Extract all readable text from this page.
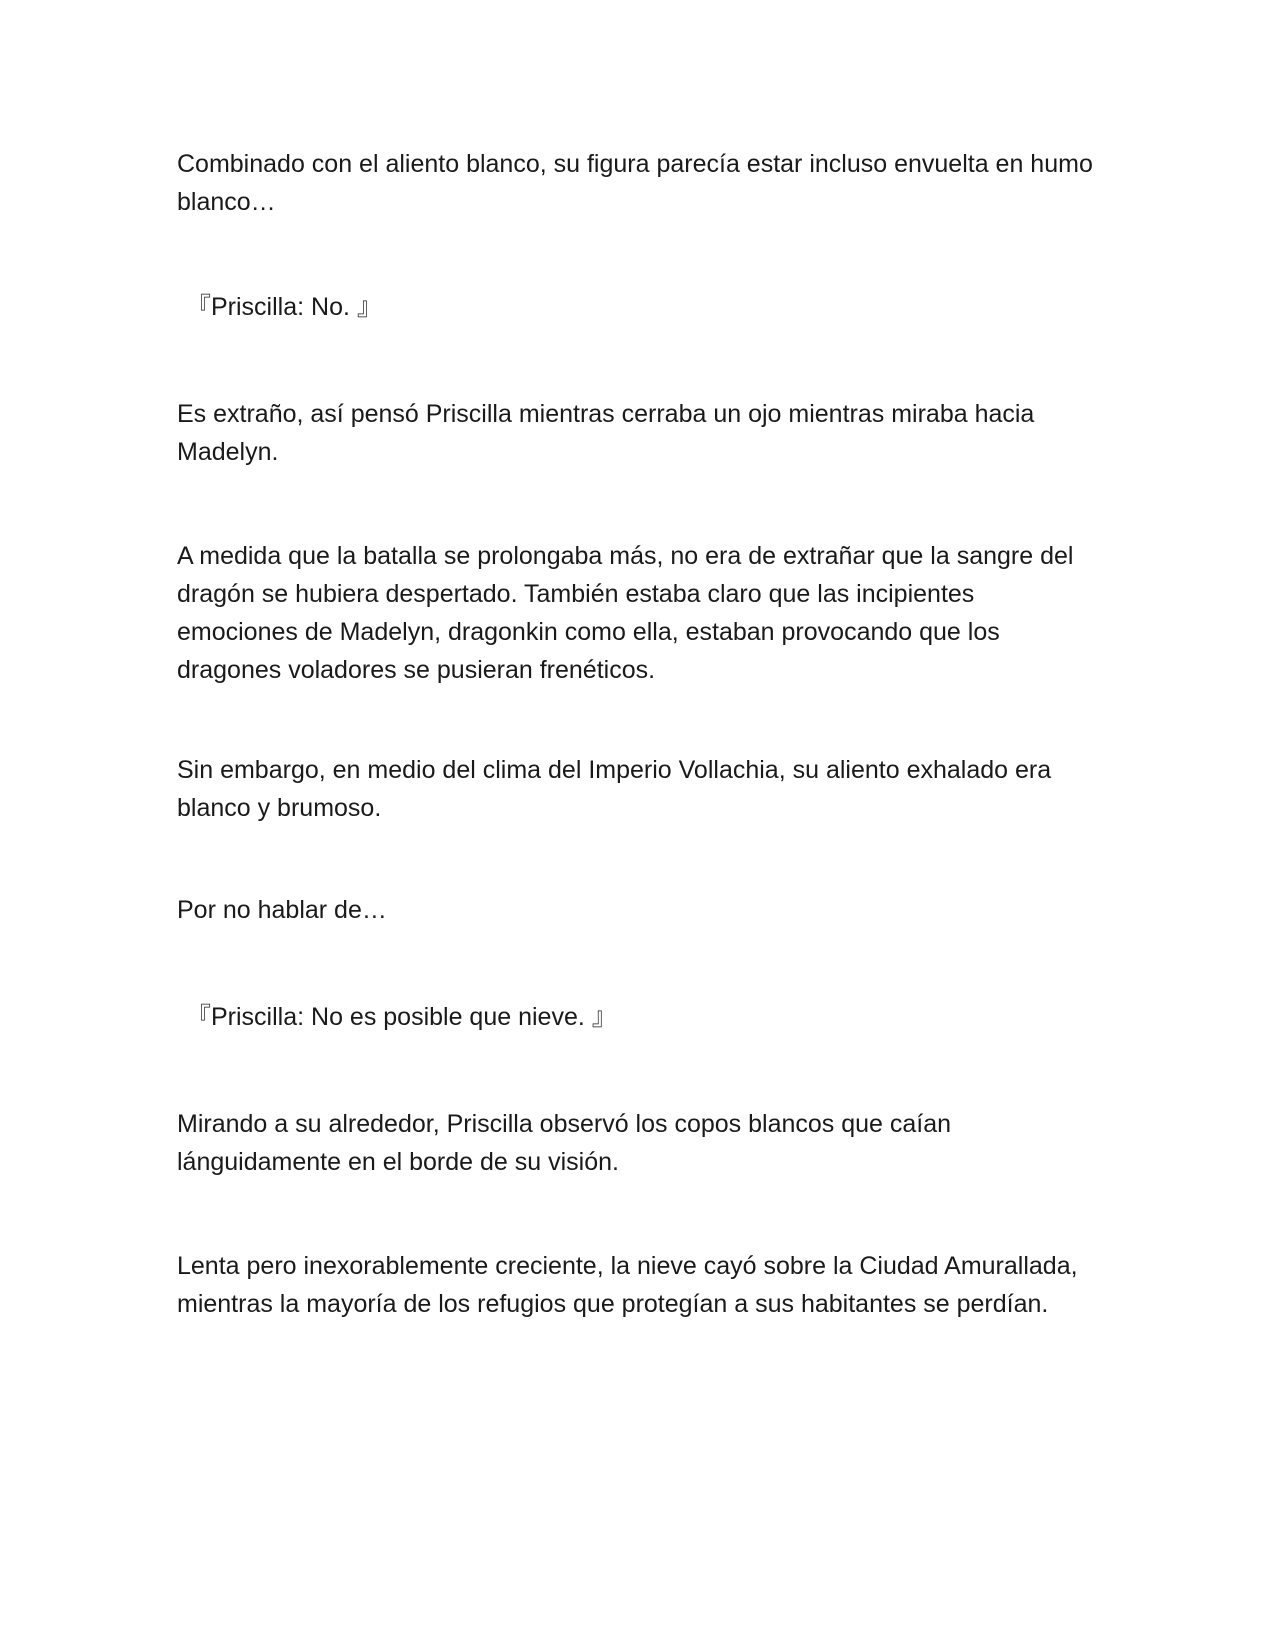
Combinado con el aliento blanco, su figura parecía estar incluso envuelta en humo blanco…

『Priscilla: No. 』

Es extraño, así pensó Priscilla mientras cerraba un ojo mientras miraba hacia Madelyn.

A medida que la batalla se prolongaba más, no era de extrañar que la sangre del dragón se hubiera despertado. También estaba claro que las incipientes emociones de Madelyn, dragonkin como ella, estaban provocando que los dragones voladores se pusieran frenéticos.

Sin embargo, en medio del clima del Imperio Vollachia, su aliento exhalado era blanco y brumoso.

Por no hablar de…

『Priscilla: No es posible que nieve. 』

Mirando a su alrededor, Priscilla observó los copos blancos que caían lánguidamente en el borde de su visión.

Lenta pero inexorablemente creciente, la nieve cayó sobre la Ciudad Amurallada, mientras la mayoría de los refugios que protegían a sus habitantes se perdían.
